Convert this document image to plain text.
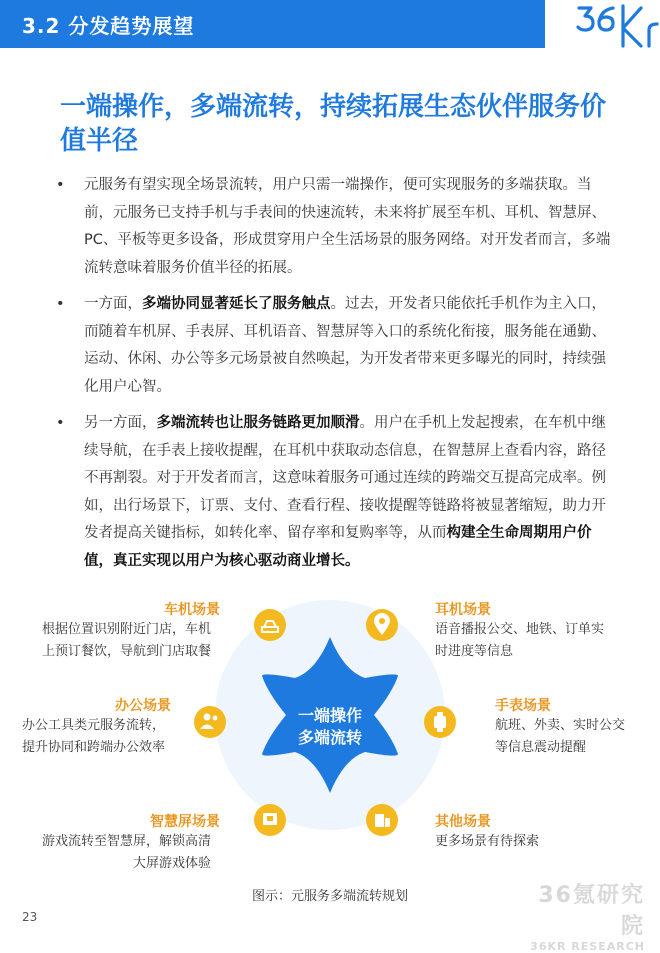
3.2 分发趋势展望
一端操作，多端流转，持续拓展生态伙伴服务价值半径
• 元服务有望实现全场景流转，用户只需一端操作，便可实现服务的多端获取。当前，元服务已支持手机与手表间的快速流转，未来将扩展至车机、耳机、智慧屏、PC、平板等更多设备，形成贯穿用户全生活场景的服务网络。对开发者而言，多端流转意味着服务价值半径的拓展。
• 一方面，多端协同显著延长了服务触点。过去，开发者只能依托手机作为主入口，而随着车机屏、手表屏、耳机语音、智慧屏等入口的系统化衔接，服务能在通勤、运动、休闲、办公等多元场景被自然唤起，为开发者带来更多曝光的同时，持续强化用户心智。
• 另一方面，多端流转也让服务链路更加顺滑。用户在手机上发起搜索，在车机中继续导航，在手表上接收提醒，在耳机中获取动态信息，在智慧屏上查看内容，路径不再割裂。对于开发者而言，这意味着服务可通过连续的跨端交互提高完成率。例如，出行场景下，订票、支付、查看行程、接收提醒等链路将被显著缩短，助力开发者提高关键指标，如转化率、留存率和复购率等，从而构建全生命周期用户价值，真正实现以用户为核心驱动商业增长。
一端操作
多端流转
车机场景
根据位置识别附近门店，车机
上预订餐饮，导航到门店取餐
耳机场景
语音播报公交、地铁、订单实
时进度等信息
办公场景
办公工具类元服务流转，
提升协同和跨端办公效率
手表场景
航班、外卖、实时公交
等信息震动提醒
智慧屏场景
游戏流转至智慧屏，解锁高清
大屏游戏体验
其他场景
更多场景有待探索
图示：元服务多端流转规划
23
36氪研究院
36KR RESEARCH
